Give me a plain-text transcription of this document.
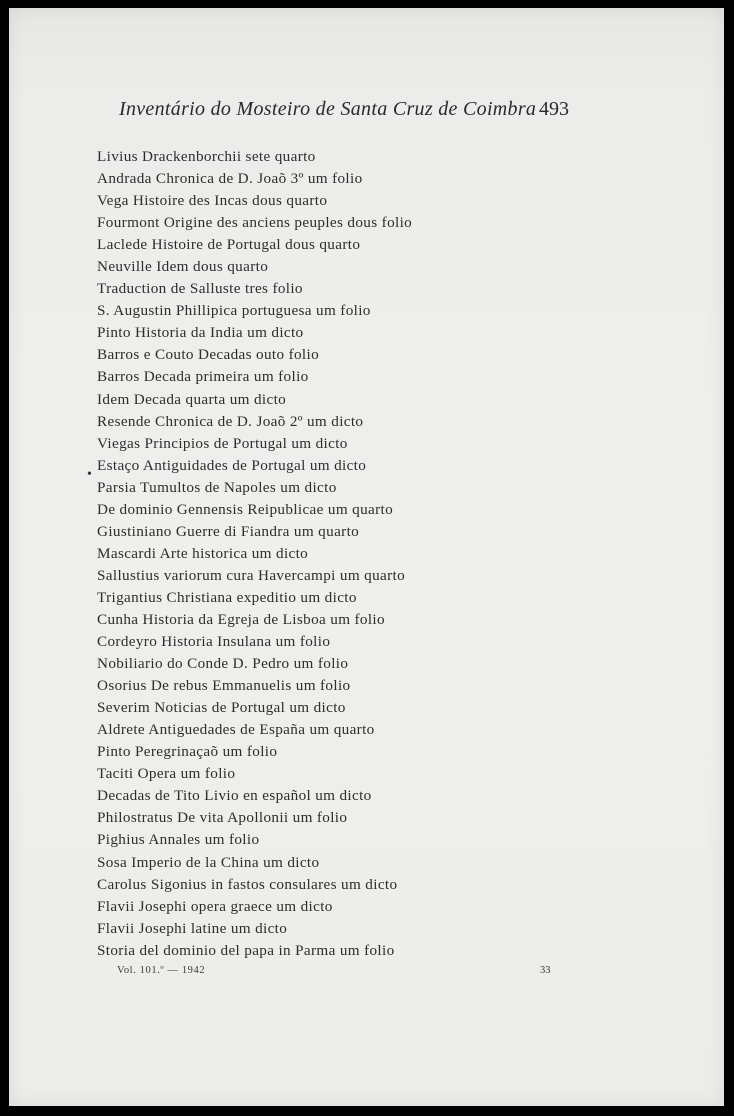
Inventário do Mosteiro de Santa Cruz de Coimbra 493
Livius Drackenborchii sete quarto
Andrada Chronica de D. Joaõ 3º um folio
Vega Histoire des Incas dous quarto
Fourmont Origine des anciens peuples dous folio
Laclede Histoire de Portugal dous quarto
Neuville Idem dous quarto
Traduction de Salluste tres folio
S. Augustin Phillipica portuguesa um folio
Pinto Historia da India um dicto
Barros e Couto Decadas outo folio
Barros Decada primeira um folio
Idem Decada quarta um dicto
Resende Chronica de D. Joaõ 2º um dicto
Viegas Principios de Portugal um dicto
Estaço Antiguidades de Portugal um dicto
Parsia Tumultos de Napoles um dicto
De dominio Gennensis Reipublicae um quarto
Giustiniano Guerre di Fiandra um quarto
Mascardi Arte historica um dicto
Sallustius variorum cura Havercampi um quarto
Trigantius Christiana expeditio um dicto
Cunha Historia da Egreja de Lisboa um folio
Cordeyro Historia Insulana um folio
Nobiliario do Conde D. Pedro um folio
Osorius De rebus Emmanuelis um folio
Severim Noticias de Portugal um dicto
Aldrete Antiguedades de España um quarto
Pinto Peregrinaçaõ um folio
Taciti Opera um folio
Decadas de Tito Livio en español um dicto
Philostratus De vita Apollonii um folio
Pighius Annales um folio
Sosa Imperio de la China um dicto
Carolus Sigonius in fastos consulares um dicto
Flavii Josephi opera graece um dicto
Flavii Josephi latine um dicto
Storia del dominio del papa in Parma um folio
•
Vol. 101.º — 1942	33
